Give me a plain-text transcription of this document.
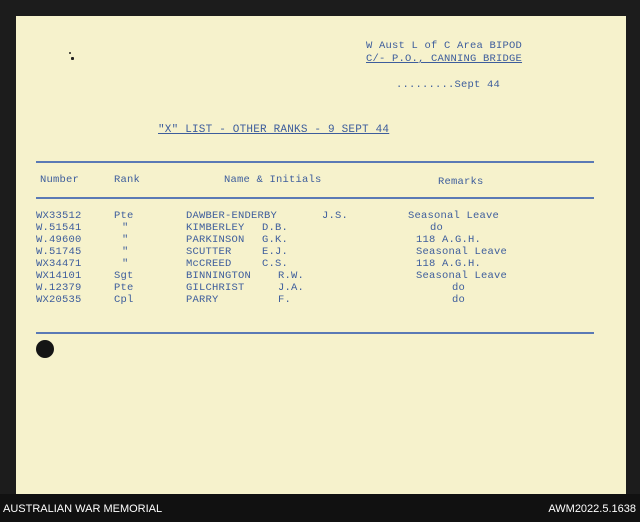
W Aust L of C Area BIPOD
C/- P.O., CANNING BRIDGE
.........Sept 44
"X" LIST - OTHER RANKS - 9 SEPT 44
Number	Rank	Name & Initials	Remarks
WX33512	Pte	DAWBER-ENDERBY	J.S.	Seasonal Leave
W.51541	"	KIMBERLEY D.B.	do
W.49600	"	PARKINSON G.K.	118 A.G.H.
W.51745	"	SCUTTER	E.J.	Seasonal Leave
WX34471	"	McCREED	C.S.	118 A.G.H.
WX14101	Sgt	BINNINGTON	R.W.	Seasonal Leave
W.12379	Pte	GILCHRIST	J.A.	do
WX20535	Cpl	PARRY	F.	do
AUSTRALIAN WAR MEMORIAL	AWM2022.5.1638
